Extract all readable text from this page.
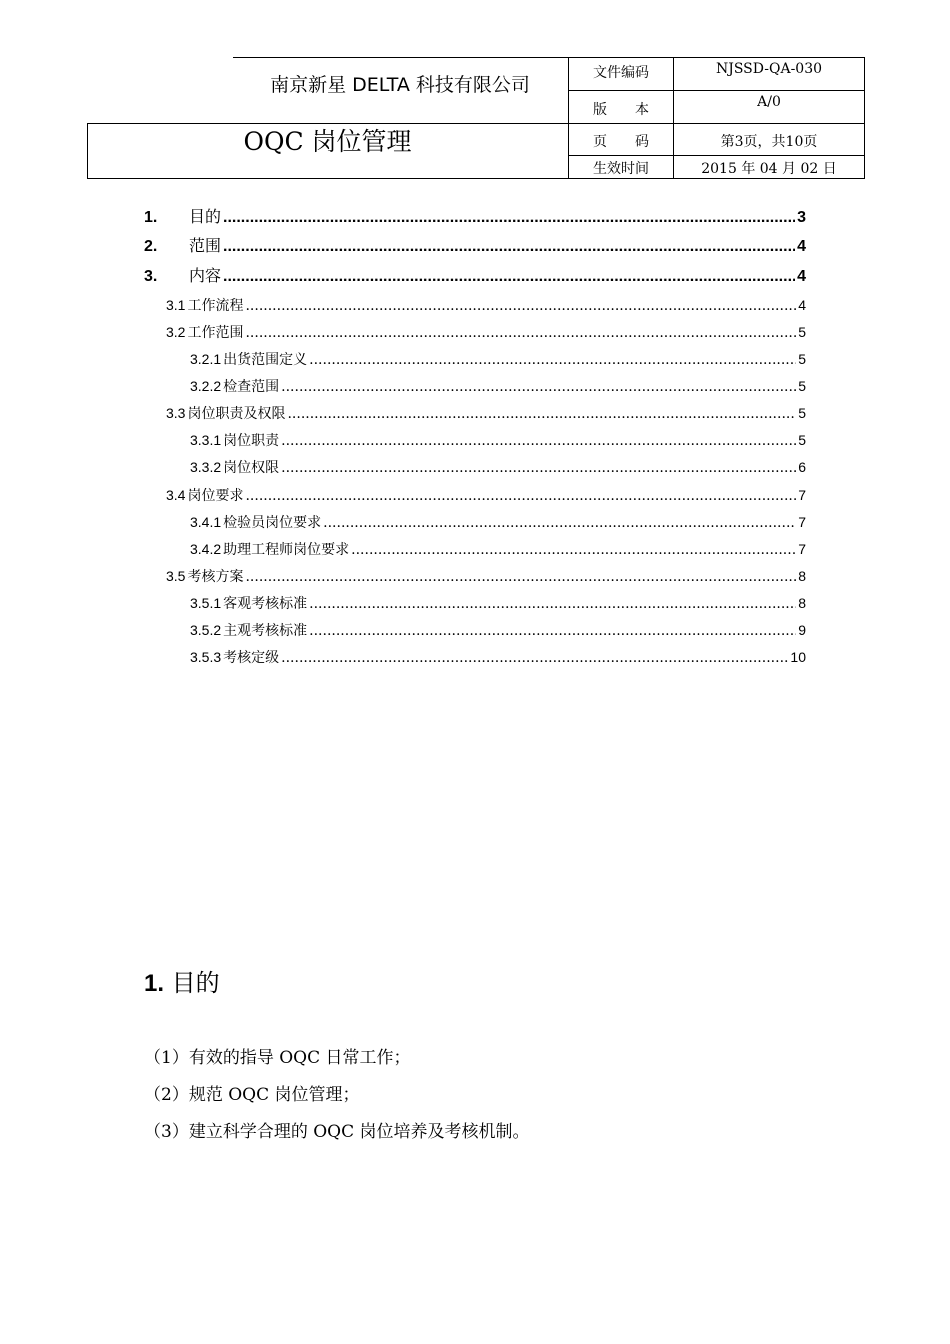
南京新星 DELTA 科技有限公司
OQC 岗位管理
文件编码	NJSSD-QA-030
版　　本	A/0
页　　码	第3页，共10页
生效时间	2015 年 04 月 02 日
1.	目的 .....	3
2.	范围 .....	4
3.	内容 .....	4
3.1 工作流程 .....	4
3.2 工作范围 .....	5
3.2.1 出货范围定义 .....	5
3.2.2 检查范围 .....	5
3.3 岗位职责及权限 .....	5
3.3.1 岗位职责 .....	5
3.3.2 岗位权限 .....	6
3.4 岗位要求 .....	7
3.4.1 检验员岗位要求 .....	7
3.4.2 助理工程师岗位要求 .....	7
3.5 考核方案 .....	8
3.5.1 客观考核标准 .....	8
3.5.2 主观考核标准 .....	9
3.5.3 考核定级 .....	10
1. 目的
（1）有效的指导 OQC 日常工作；
（2）规范 OQC 岗位管理；
（3）建立科学合理的 OQC 岗位培养及考核机制。
